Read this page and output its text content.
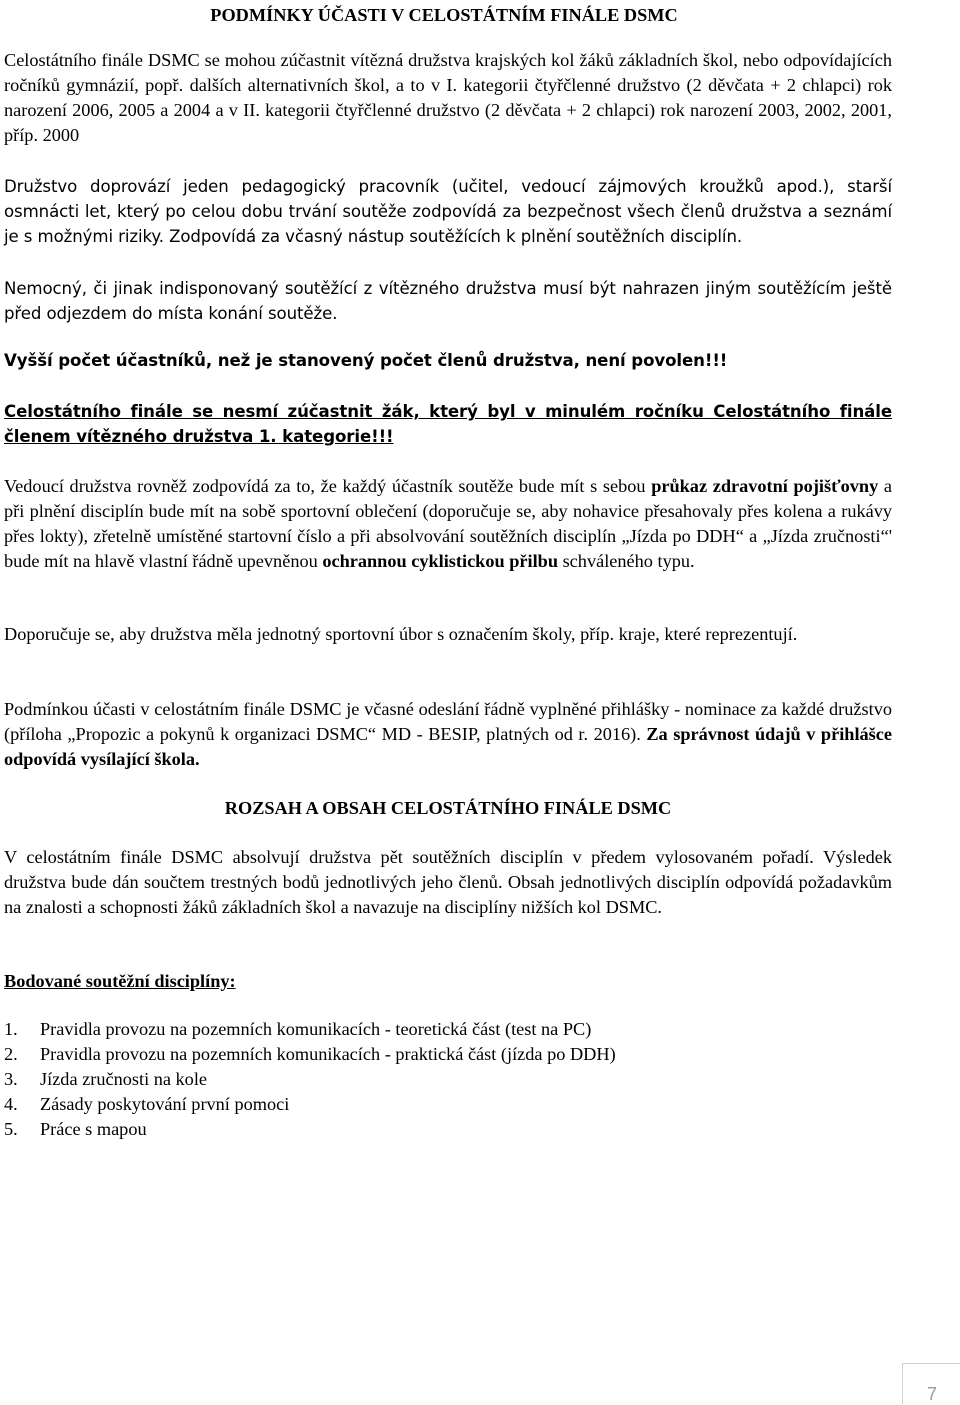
PODMÍNKY ÚČASTI V CELOSTÁTNÍM FINÁLE DSMC

Celostátního finále DSMC se mohou zúčastnit vítězná družstva krajských kol žáků základních škol, nebo odpovídajících ročníků gymnázií, popř. dalších alternativních škol, a to v I. kategorii čtyřčlenné družstvo (2 děvčata + 2 chlapci) rok narození 2006, 2005 a 2004 a v II. kategorii čtyřčlenné družstvo (2 děvčata + 2 chlapci) rok narození 2003, 2002, 2001, příp. 2000

Družstvo doprovází jeden pedagogický pracovník (učitel, vedoucí zájmových kroužků apod.), starší osmnácti let, který po celou dobu trvání soutěže zodpovídá za bezpečnost všech členů družstva a seznámí je s možnými riziky. Zodpovídá za včasný nástup soutěžících k plnění soutěžních disciplín.

Nemocný, či jinak indisponovaný soutěžící z vítězného družstva musí být nahrazen jiným soutěžícím ještě před odjezdem do místa konání soutěže.

Vyšší počet účastníků, než je stanovený počet členů družstva, není povolen!!!

Celostátního finále se nesmí zúčastnit žák, který byl v minulém ročníku Celostátního finále členem vítězného družstva 1. kategorie!!!

Vedoucí družstva rovněž zodpovídá za to, že každý účastník soutěže bude mít s sebou průkaz zdravotní pojišťovny a při plnění disciplín bude mít na sobě sportovní oblečení (doporučuje se, aby nohavice přesahovaly přes kolena a rukávy přes lokty), zřetelně umístěné startovní číslo a při absolvování soutěžních disciplín „Jízda po DDH“ a „Jízda zručnosti“' bude mít na hlavě vlastní řádně upevněnou ochrannou cyklistickou přilbu schváleného typu.

Doporučuje se, aby družstva měla jednotný sportovní úbor s označením školy, příp. kraje, které reprezentují.

Podmínkou účasti v celostátním finále DSMC je včasné odeslání řádně vyplněné přihlášky - nominace za každé družstvo (příloha „Propozic a pokynů k organizaci DSMC“ MD - BESIP, platných od r. 2016). Za správnost údajů v přihlášce odpovídá vysílající škola.

ROZSAH A OBSAH CELOSTÁTNÍHO FINÁLE DSMC

V celostátním finále DSMC absolvují družstva pět soutěžních disciplín v předem vylosovaném pořadí. Výsledek družstva bude dán součtem trestných bodů jednotlivých jeho členů. Obsah jednotlivých disciplín odpovídá požadavkům na znalosti a schopnosti žáků základních škol a navazuje na disciplíny nižších kol DSMC.

Bodované soutěžní disciplíny:

1.	Pravidla provozu na pozemních komunikacích - teoretická část (test na PC)
2.	Pravidla provozu na pozemních komunikacích - praktická část (jízda po DDH)
3.	Jízda zručnosti na kole
4.	Zásady poskytování první pomoci
5.	Práce s mapou
7
